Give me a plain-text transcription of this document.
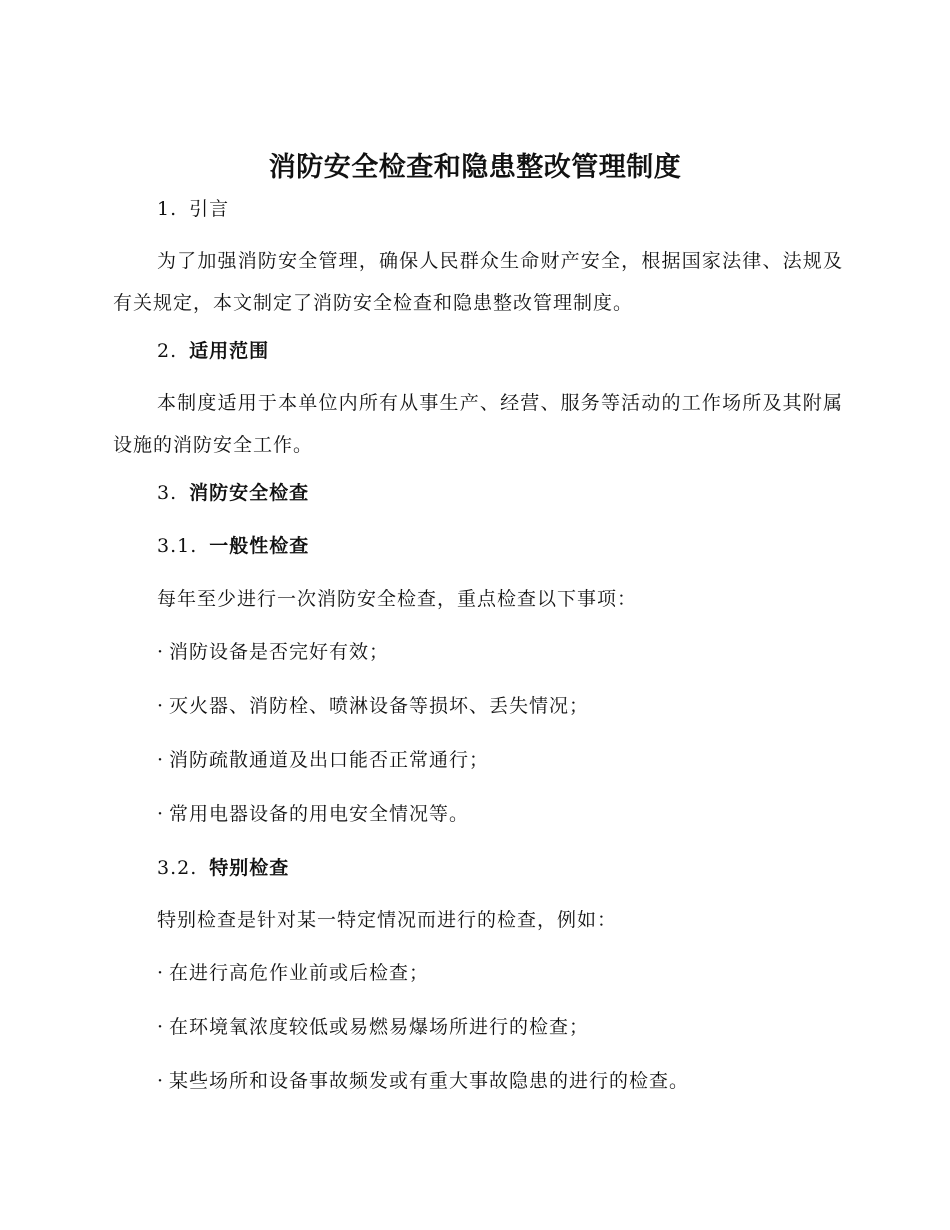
消防安全检查和隐患整改管理制度
1. 引言
为了加强消防安全管理，确保人民群众生命财产安全，根据国家法律、法规及有关规定，本文制定了消防安全检查和隐患整改管理制度。
2. 适用范围
本制度适用于本单位内所有从事生产、经营、服务等活动的工作场所及其附属设施的消防安全工作。
3. 消防安全检查
3.1. 一般性检查
每年至少进行一次消防安全检查，重点检查以下事项：
· 消防设备是否完好有效；
· 灭火器、消防栓、喷淋设备等损坏、丢失情况；
· 消防疏散通道及出口能否正常通行；
· 常用电器设备的用电安全情况等。
3.2. 特别检查
特别检查是针对某一特定情况而进行的检查，例如：
· 在进行高危作业前或后检查；
· 在环境氧浓度较低或易燃易爆场所进行的检查；
· 某些场所和设备事故频发或有重大事故隐患的进行的检查。
